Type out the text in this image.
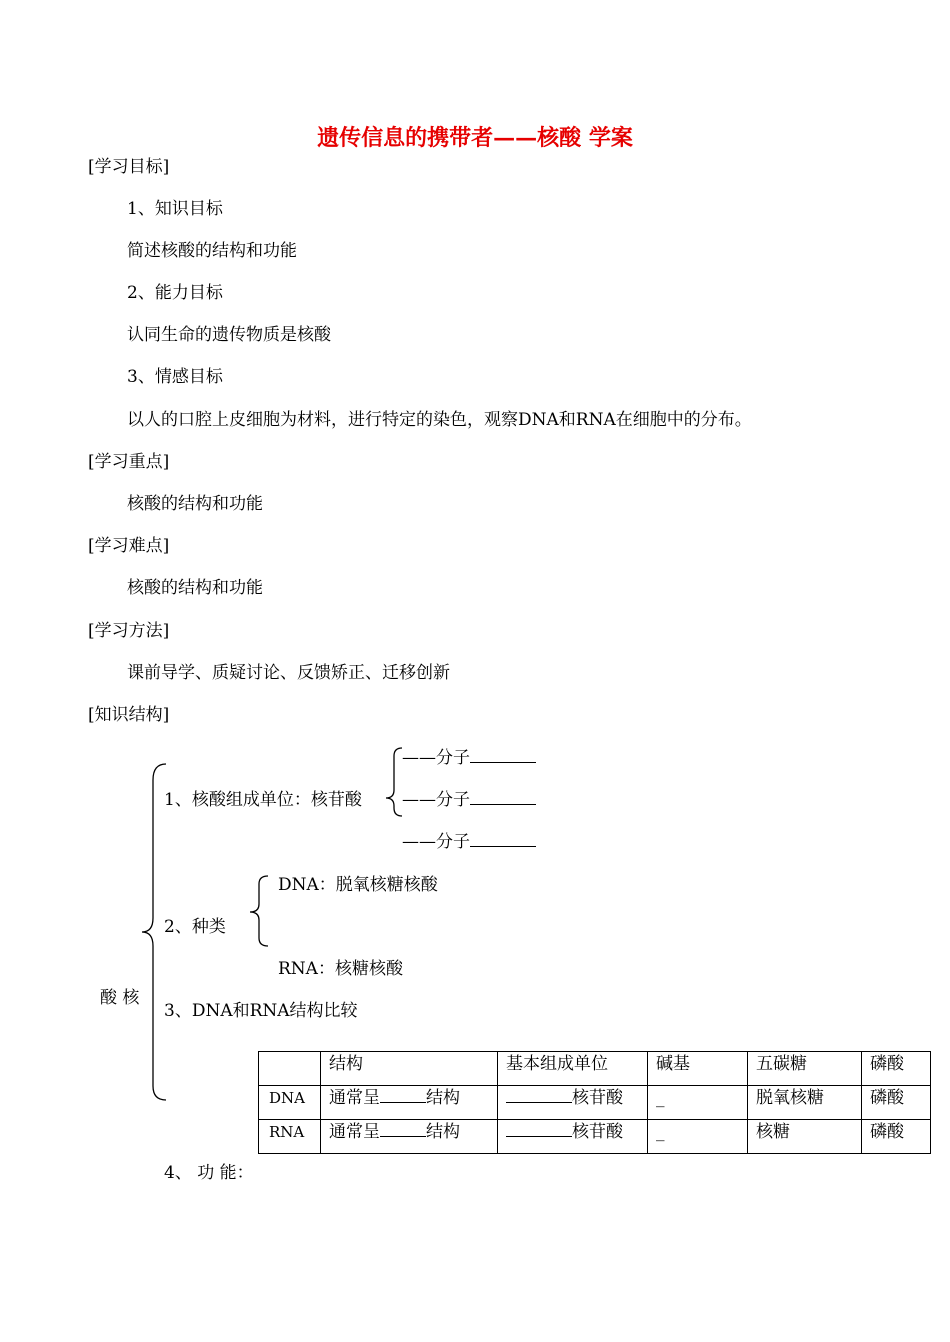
遗传信息的携带者——核酸 学案
[学习目标]
1、知识目标
简述核酸的结构和功能
2、能力目标
认同生命的遗传物质是核酸
3、情感目标
以人的口腔上皮细胞为材料，进行特定的染色，观察DNA和RNA在细胞中的分布。
[学习重点]
核酸的结构和功能
[学习难点]
核酸的结构和功能
[学习方法]
课前导学、质疑讨论、反馈矫正、迁移创新
[知识结构]
酸 核
1、核酸组成单位：核苷酸
——分子
——分子
——分子
2、种类
DNA：脱氧核糖核酸
RNA：核糖核酸
3、DNA和RNA结构比较
	结构	基本组成单位	碱基	五碳糖	磷酸
DNA	通常呈 结构	核苷酸	_	脱氧核糖	磷酸
RNA	通常呈 结构	核苷酸	_	核糖	磷酸
4、 功 能：
